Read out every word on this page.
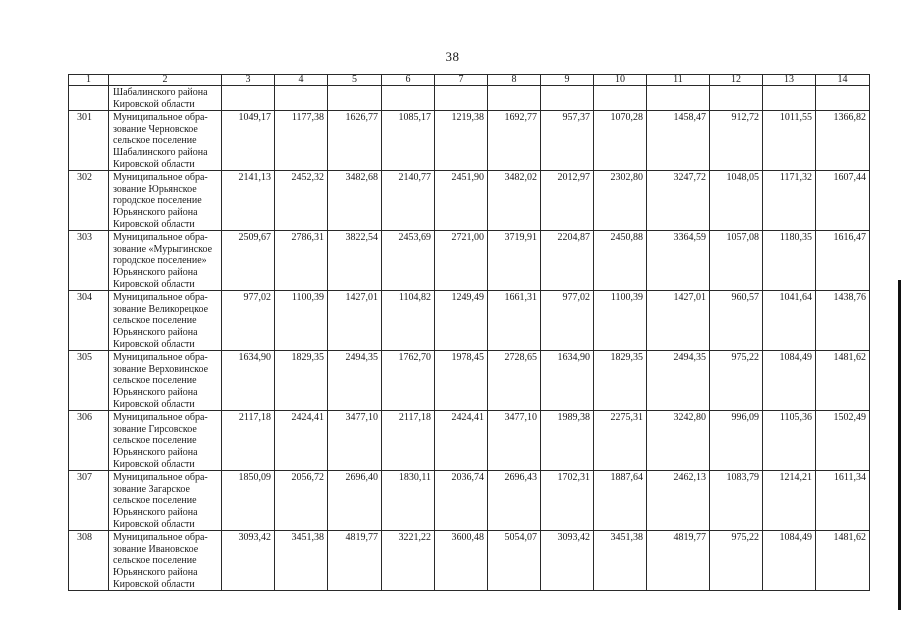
38
1	2	3	4	5	6	7	8	9	10	11	12	13	14

	Шабалинского района
Кировской области												

301	Муниципальное обра-
зование Черновское
сельское поселение
Шабалинского района
Кировской области	1049,17	1177,38	1626,77	1085,17	1219,38	1692,77	957,37	1070,28	1458,47	912,72	1011,55	1366,82
302	Муниципальное обра-
зование Юрьянское
городское поселение
Юрьянского района
Кировской области	2141,13	2452,32	3482,68	2140,77	2451,90	3482,02	2012,97	2302,80	3247,72	1048,05	1171,32	1607,44
303	Муниципальное обра-
зование «Мурыгинское
городское поселение»
Юрьянского района
Кировской области	2509,67	2786,31	3822,54	2453,69	2721,00	3719,91	2204,87	2450,88	3364,59	1057,08	1180,35	1616,47
304	Муниципальное обра-
зование Великорецкое
сельское поселение
Юрьянского района
Кировской области	977,02	1100,39	1427,01	1104,82	1249,49	1661,31	977,02	1100,39	1427,01	960,57	1041,64	1438,76
305	Муниципальное обра-
зование Верховинское
сельское поселение
Юрьянского района
Кировской области	1634,90	1829,35	2494,35	1762,70	1978,45	2728,65	1634,90	1829,35	2494,35	975,22	1084,49	1481,62
306	Муниципальное обра-
зование Гирсовское
сельское поселение
Юрьянского района
Кировской области	2117,18	2424,41	3477,10	2117,18	2424,41	3477,10	1989,38	2275,31	3242,80	996,09	1105,36	1502,49
307	Муниципальное обра-
зование Загарское
сельское поселение
Юрьянского района
Кировской области	1850,09	2056,72	2696,40	1830,11	2036,74	2696,43	1702,31	1887,64	2462,13	1083,79	1214,21	1611,34
308	Муниципальное обра-
зование Ивановское
сельское поселение
Юрьянского района
Кировской области	3093,42	3451,38	4819,77	3221,22	3600,48	5054,07	3093,42	3451,38	4819,77	975,22	1084,49	1481,62
